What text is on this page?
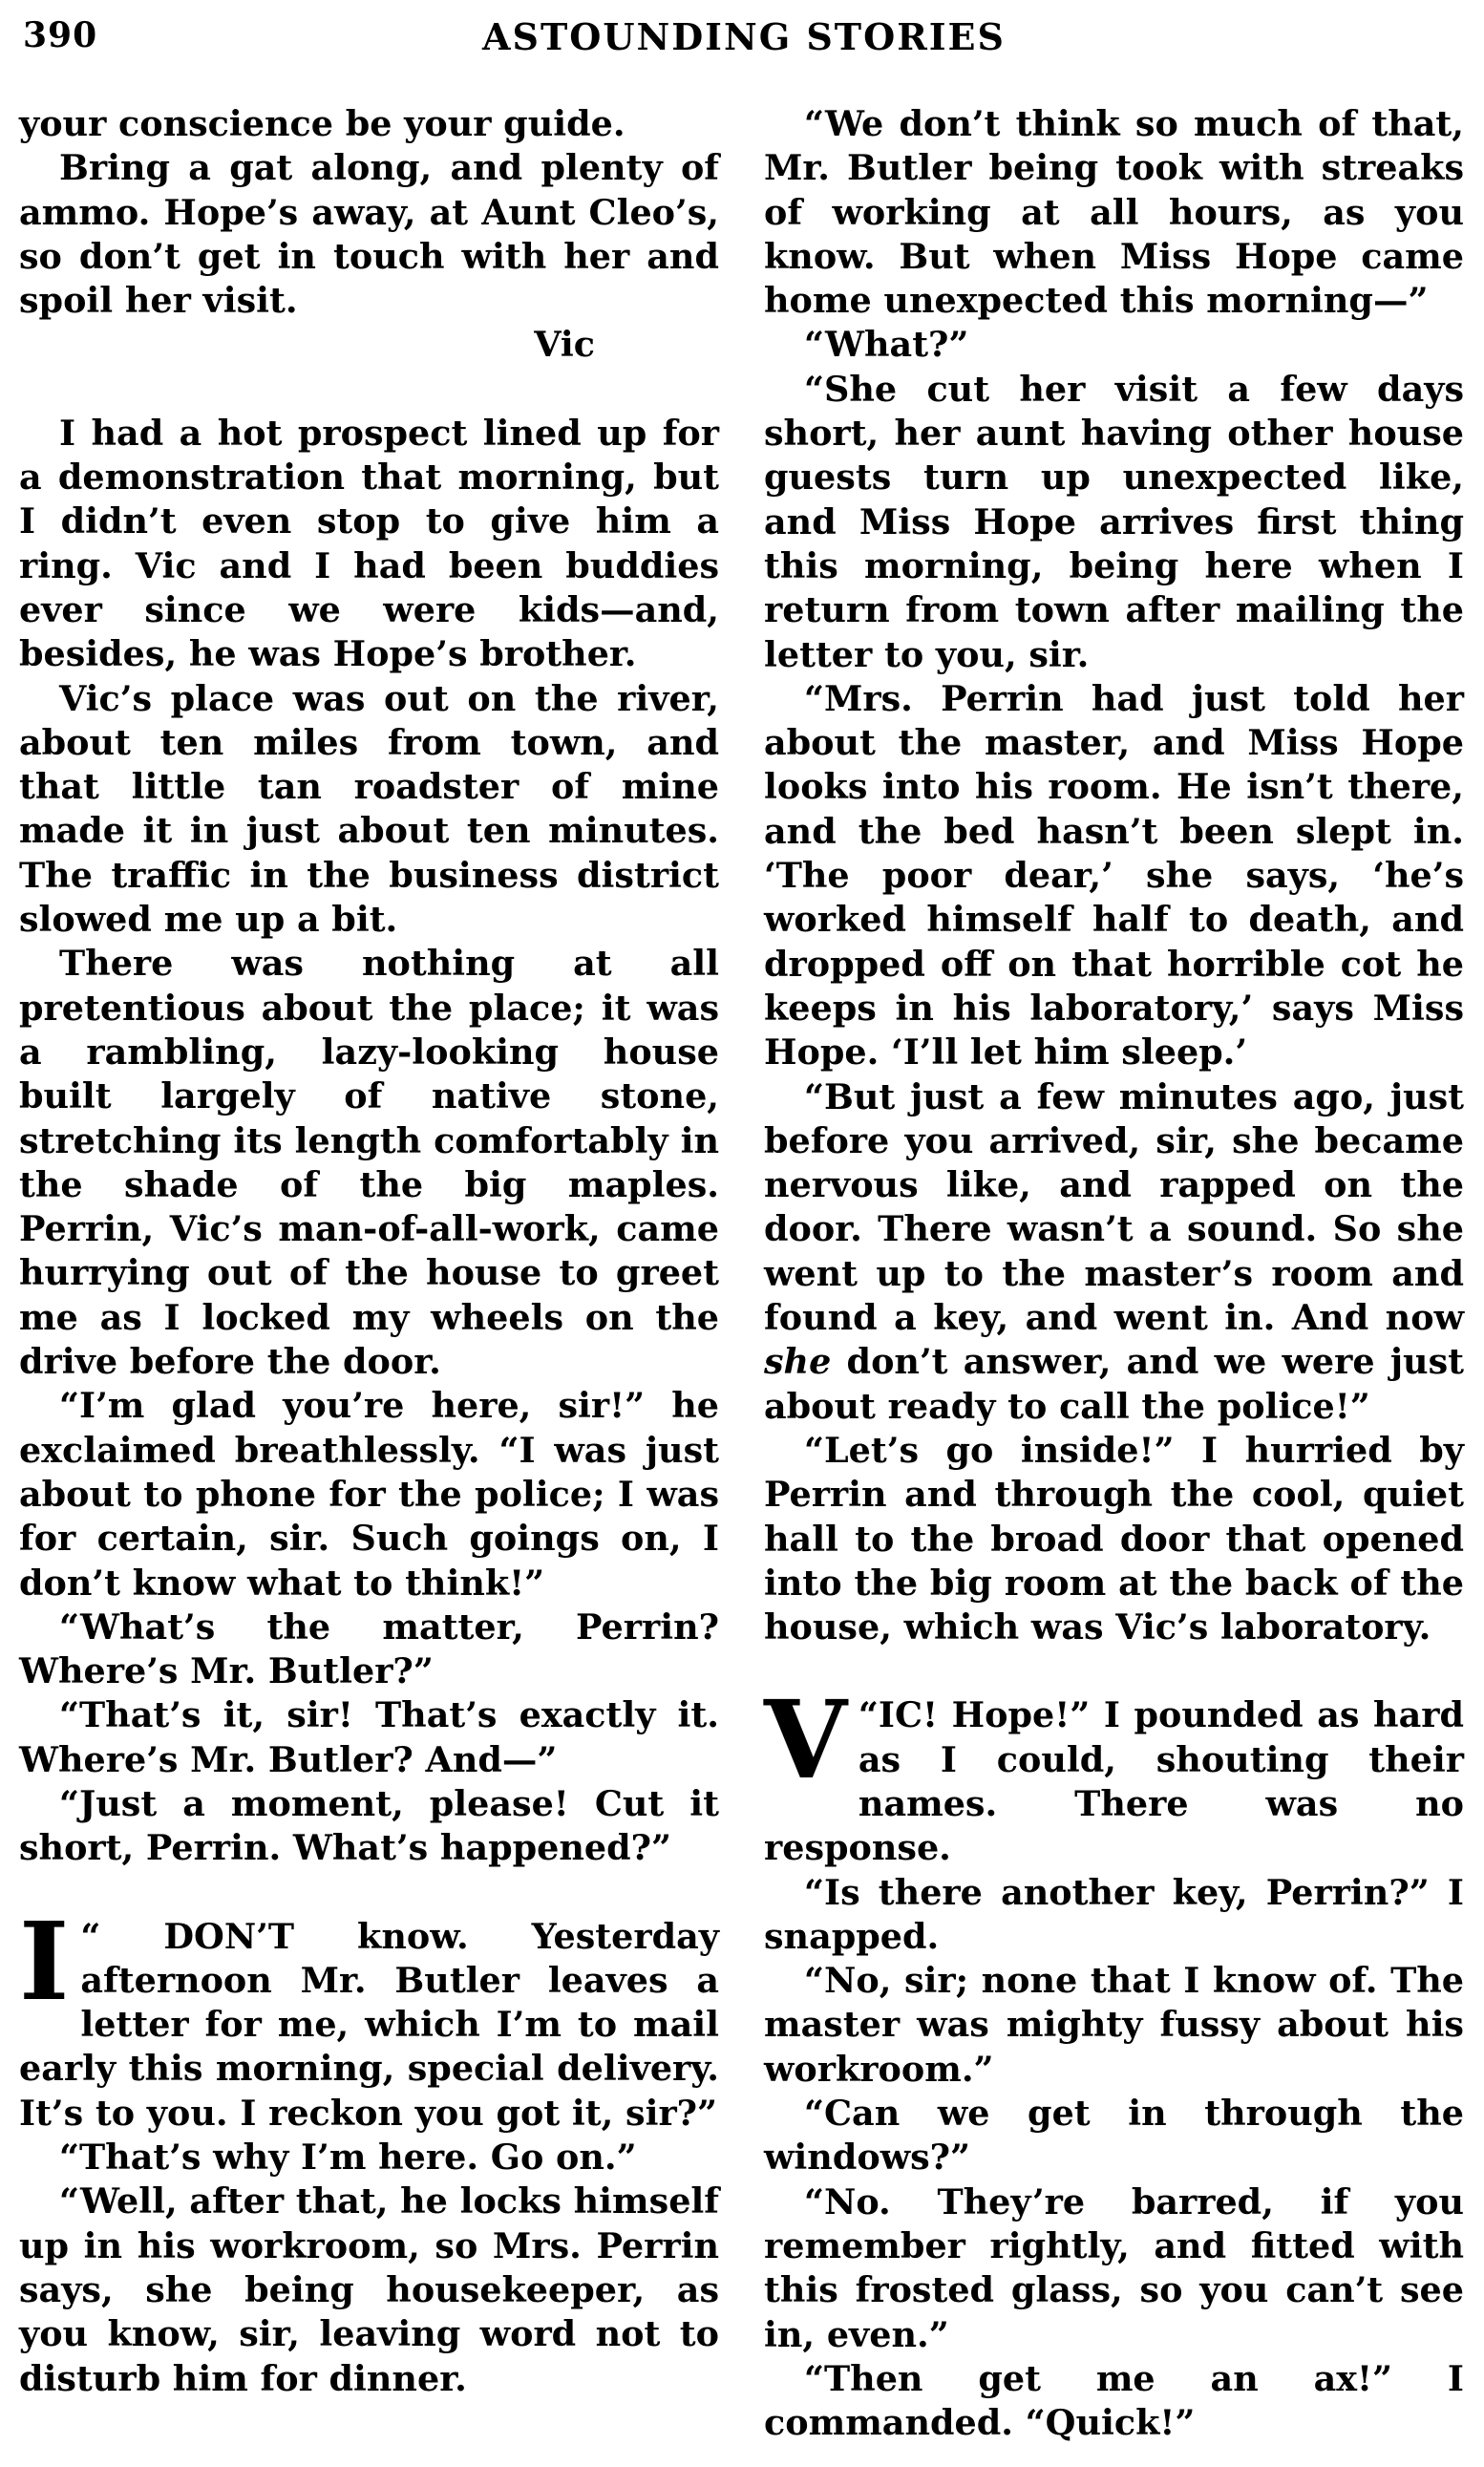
390	ASTOUNDING STORIES

your conscience be your guide.

Bring a gat along, and plenty of ammo. Hope’s away, at Aunt Cleo’s, so don’t get in touch with her and spoil her visit.

Vic

I had a hot prospect lined up for a demonstration that morning, but I didn’t even stop to give him a ring. Vic and I had been buddies ever since we were kids—and, besides, he was Hope’s brother.

Vic’s place was out on the river, about ten miles from town, and that little tan roadster of mine made it in just about ten minutes. The traffic in the business district slowed me up a bit.

There was nothing at all pretentious about the place; it was a rambling, lazy-looking house built largely of native stone, stretching its length comfortably in the shade of the big maples. Perrin, Vic’s man-of-all-work, came hurrying out of the house to greet me as I locked my wheels on the drive before the door.

“I’m glad you’re here, sir!” he exclaimed breathlessly. “I was just about to phone for the police; I was for certain, sir. Such goings on, I don’t know what to think!”

“What’s the matter, Perrin? Where’s Mr. Butler?”

“That’s it, sir! That’s exactly it. Where’s Mr. Butler? And—”

“Just a moment, please! Cut it short, Perrin. What’s happened?”

“
I DON’T know. Yesterday afternoon Mr. Butler leaves a letter for me, which I’m to mail early this morning, special delivery. It’s to you. I reckon you got it, sir?”

“That’s why I’m here. Go on.”

“Well, after that, he locks himself up in his workroom, so Mrs. Perrin says, she being housekeeper, as you know, sir, leaving word not to disturb him for dinner.

“We don’t think so much of that, Mr. Butler being took with streaks of working at all hours, as you know. But when Miss Hope came home unexpected this morning—”

“What?”

“She cut her visit a few days short, her aunt having other house guests turn up unexpected like, and Miss Hope arrives first thing this morning, being here when I return from town after mailing the letter to you, sir.

“Mrs. Perrin had just told her about the master, and Miss Hope looks into his room. He isn’t there, and the bed hasn’t been slept in. ‘The poor dear,’ she says, ‘he’s worked himself half to death, and dropped off on that horrible cot he keeps in his laboratory,’ says Miss Hope. ‘I’ll let him sleep.’

“But just a few minutes ago, just before you arrived, sir, she became nervous like, and rapped on the door. There wasn’t a sound. So she went up to the master’s room and found a key, and went in. And now she don’t answer, and we were just about ready to call the police!”

“Let’s go inside!” I hurried by Perrin and through the cool, quiet hall to the broad door that opened into the big room at the back of the house, which was Vic’s laboratory.

“
V IC! Hope!” I pounded as hard as I could, shouting their names. There was no response.

“Is there another key, Perrin?” I snapped.

“No, sir; none that I know of. The master was mighty fussy about his workroom.”

“Can we get in through the windows?”

“No. They’re barred, if you remember rightly, and fitted with this frosted glass, so you can’t see in, even.”

“Then get me an ax!” I commanded. “Quick!”
